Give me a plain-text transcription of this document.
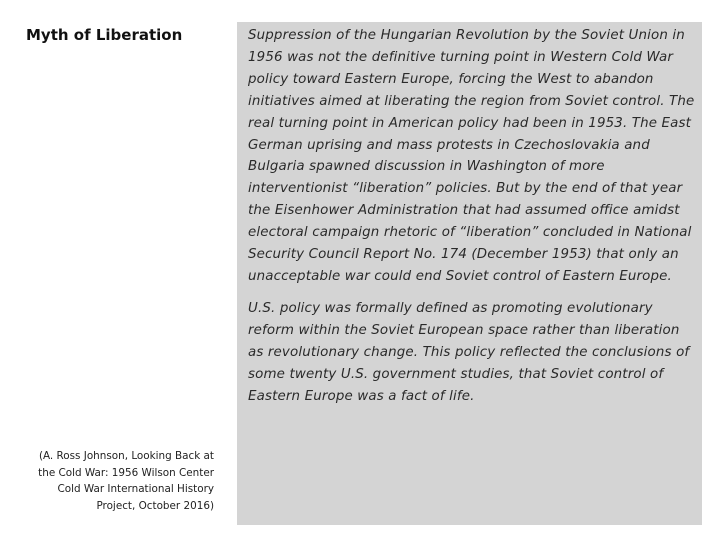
Myth of Liberation

(A. Ross Johnson, Looking Back at the Cold War: 1956 Wilson Center Cold War International History Project, October 2016)

Suppression of the Hungarian Revolution by the Soviet Union in 1956 was not the definitive turning point in Western Cold War policy toward Eastern Europe, forcing the West to abandon initiatives aimed at liberating the region from Soviet control. The real turning point in American policy had been in 1953. The East German uprising and mass protests in Czechoslovakia and Bulgaria spawned discussion in Washington of more interventionist “liberation” policies. But by the end of that year the Eisenhower Administration that had assumed office amidst electoral campaign rhetoric of “liberation” concluded in National Security Council Report No. 174 (December 1953) that only an unacceptable war could end Soviet control of Eastern Europe.

U.S. policy was formally defined as promoting evolutionary reform within the Soviet European space rather than liberation as revolutionary change. This policy reflected the conclusions of some twenty U.S. government studies, that Soviet control of Eastern Europe was a fact of life.
